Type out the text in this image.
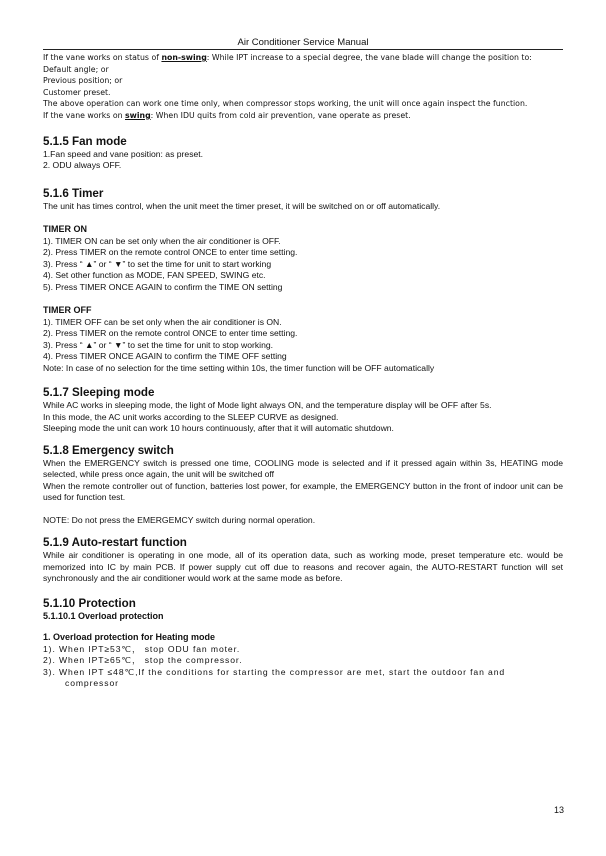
Air Conditioner Service Manual

If the vane works on status of non-swing: While IPT increase to a special degree, the vane blade will change the position to:

Default angle; or

Previous position; or

Customer preset.

The above operation can work one time only, when compressor stops working, the unit will once again inspect the function.

If the vane works on swing: When IDU quits from cold air prevention, vane operate as preset.

5.1.5 Fan mode

1.Fan speed and vane position: as preset.

2. ODU always OFF.

5.1.6 Timer

The unit has times control, when the unit meet the timer preset, it will be switched on or off automatically.

TIMER ON

1). TIMER ON can be set only when the air conditioner is OFF.

2). Press TIMER on the remote control ONCE to enter time setting.

3). Press “ ▲” or “ ▼” to set the time for unit to start working

4). Set other function as MODE, FAN SPEED, SWING etc.

5). Press TIMER ONCE AGAIN to confirm the TIME ON setting

TIMER OFF

1). TIMER OFF can be set only when the air conditioner is ON.

2). Press TIMER on the remote control ONCE to enter time setting.

3). Press “ ▲” or “ ▼” to set the time for unit to stop working.

4). Press TIMER ONCE AGAIN to confirm the TIME OFF setting

Note: In case of no selection for the time setting within 10s, the timer function will be OFF automatically

5.1.7 Sleeping mode

While AC works in sleeping mode, the light of Mode light always ON, and the temperature display will be OFF after 5s.

In this mode, the AC unit works according to the SLEEP CURVE as designed.

Sleeping mode the unit can work 10 hours continuously, after that it will automatic shutdown.

5.1.8 Emergency switch

When the EMERGENCY switch is pressed one time, COOLING mode is selected and if it pressed again within 3s, HEATING mode selected, while press once again, the unit will be switched off

When the remote controller out of function, batteries lost power, for example, the EMERGENCY button in the front of indoor unit can be used for function test.

NOTE: Do not press the EMERGEMCY switch during normal operation.

5.1.9 Auto-restart function

While air conditioner is operating in one mode, all of its operation data, such as working mode, preset temperature etc. would be memorized into IC by main PCB. If power supply cut off due to reasons and recover again, the AUTO-RESTART function will set synchronously and the air conditioner would work at the same mode as before.

5.1.10 Protection
5.1.10.1 Overload protection
1. Overload protection for Heating mode

1). When IPT≥53℃， stop ODU fan moter.

2). When IPT≥65℃， stop the compressor.

3). When IPT ≤48℃,If the conditions for starting the compressor are met, start the outdoor fan and

compressor

13
